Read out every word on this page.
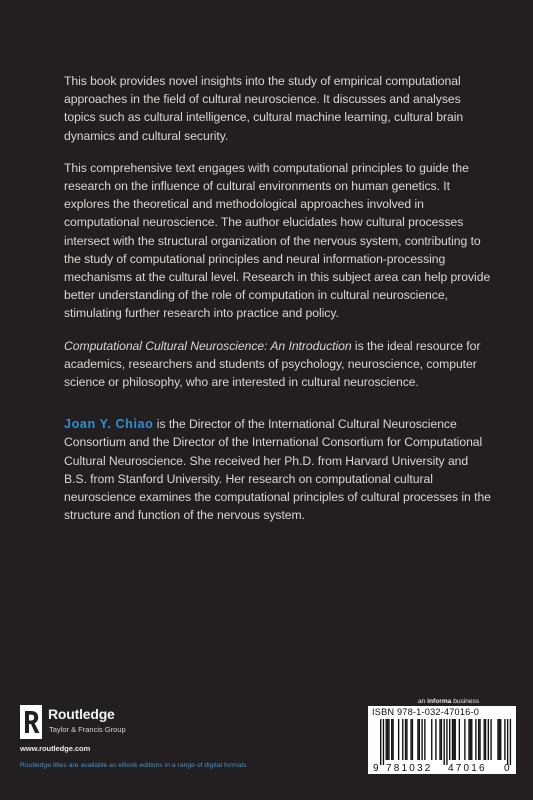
This book provides novel insights into the study of empirical computational approaches in the field of cultural neuroscience. It discusses and analyses topics such as cultural intelligence, cultural machine learning, cultural brain dynamics and cultural security.

This comprehensive text engages with computational principles to guide the research on the influence of cultural environments on human genetics. It explores the theoretical and methodological approaches involved in computational neuroscience. The author elucidates how cultural processes intersect with the structural organization of the nervous system, contributing to the study of computational principles and neural information-processing mechanisms at the cultural level. Research in this subject area can help provide better understanding of the role of computation in cultural neuroscience, stimulating further research into practice and policy.

Computational Cultural Neuroscience: An Introduction is the ideal resource for academics, researchers and students of psychology, neuroscience, computer science or philosophy, who are interested in cultural neuroscience.

Joan Y. Chiao is the Director of the International Cultural Neuroscience Consortium and the Director of the International Consortium for Computational Cultural Neuroscience. She received her Ph.D. from Harvard University and B.S. from Stanford University. Her research on computational cultural neuroscience examines the computational principles of cultural processes in the structure and function of the nervous system.

Routledge
Taylor & Francis Group
www.routledge.com
Routledge titles are available as eBook editions in a range of digital formats
an informa business
ISBN 978-1-032-47016-0
9 781032 47016 0
